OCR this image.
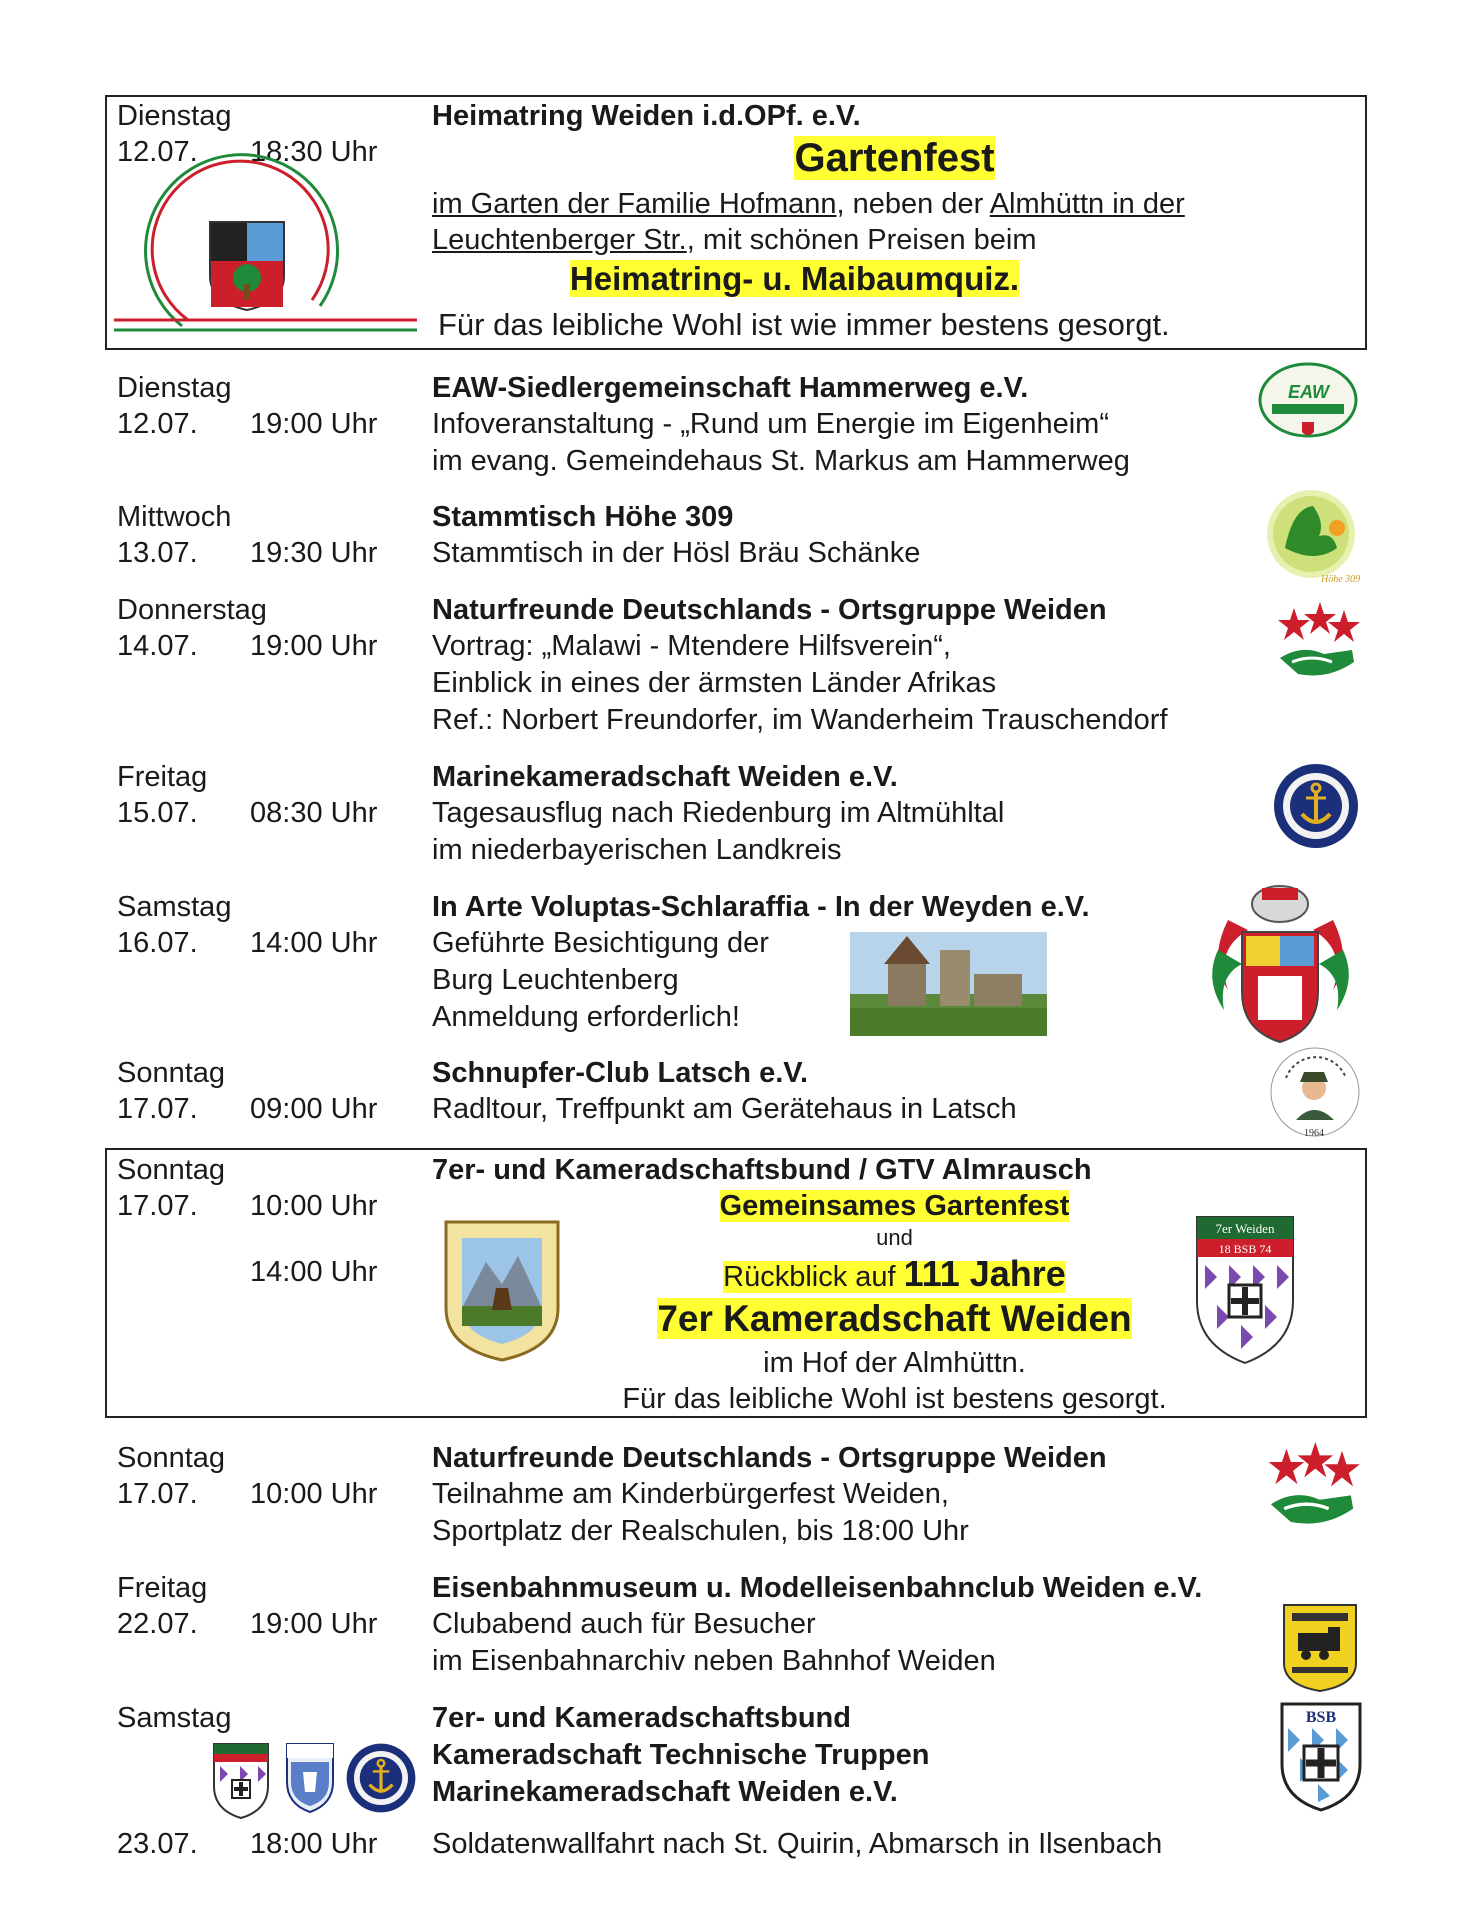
Dienstag
12.07. 18:30 Uhr
Heimatring Weiden i.d.OPf. e.V.
Gartenfest
im Garten der Familie Hofmann, neben der Almhüttn in der
Leuchtenberger Str., mit schönen Preisen beim
Heimatring- u. Maibaumquiz.
Für das leibliche Wohl ist wie immer bestens gesorgt.
Dienstag
12.07. 19:00 Uhr
EAW-Siedlergemeinschaft Hammerweg e.V.
Infoveranstaltung - „Rund um Energie im Eigenheim“
im evang. Gemeindehaus St. Markus am Hammerweg
EAW
Mittwoch
13.07. 19:30 Uhr
Stammtisch Höhe 309
Stammtisch in der Hösl Bräu Schänke
Höhe 309
Donnerstag
14.07. 19:00 Uhr
Naturfreunde Deutschlands - Ortsgruppe Weiden
Vortrag: „Malawi - Mtendere Hilfsverein“,
Einblick in eines der ärmsten Länder Afrikas
Ref.: Norbert Freundorfer, im Wanderheim Trauschendorf
Freitag
15.07. 08:30 Uhr
Marinekameradschaft Weiden e.V.
Tagesausflug nach Riedenburg im Altmühltal
im niederbayerischen Landkreis
Samstag
16.07. 14:00 Uhr
In Arte Voluptas-Schlaraffia - In der Weyden e.V.
Geführte Besichtigung der
Burg Leuchtenberg
Anmeldung erforderlich!
Sonntag
17.07. 09:00 Uhr
Schnupfer-Club Latsch e.V.
Radltour, Treffpunkt am Gerätehaus in Latsch
1964
Sonntag
17.07. 10:00 Uhr
14:00 Uhr
7er- und Kameradschaftsbund / GTV Almrausch
Gemeinsames Gartenfest
und
Rückblick auf 111 Jahre
7er Kameradschaft Weiden
im Hof der Almhüttn.
Für das leibliche Wohl ist bestens gesorgt.
7er Weiden
18 BSB 74
Sonntag
17.07. 10:00 Uhr
Naturfreunde Deutschlands - Ortsgruppe Weiden
Teilnahme am Kinderbürgerfest Weiden,
Sportplatz der Realschulen, bis 18:00 Uhr
Freitag
22.07. 19:00 Uhr
Eisenbahnmuseum u. Modelleisenbahnclub Weiden e.V.
Clubabend auch für Besucher
im Eisenbahnarchiv neben Bahnhof Weiden
Samstag
23.07. 18:00 Uhr
7er- und Kameradschaftsbund
Kameradschaft Technische Truppen
Marinekameradschaft Weiden e.V.
Soldatenwallfahrt nach St. Quirin, Abmarsch in Ilsenbach
BSB
